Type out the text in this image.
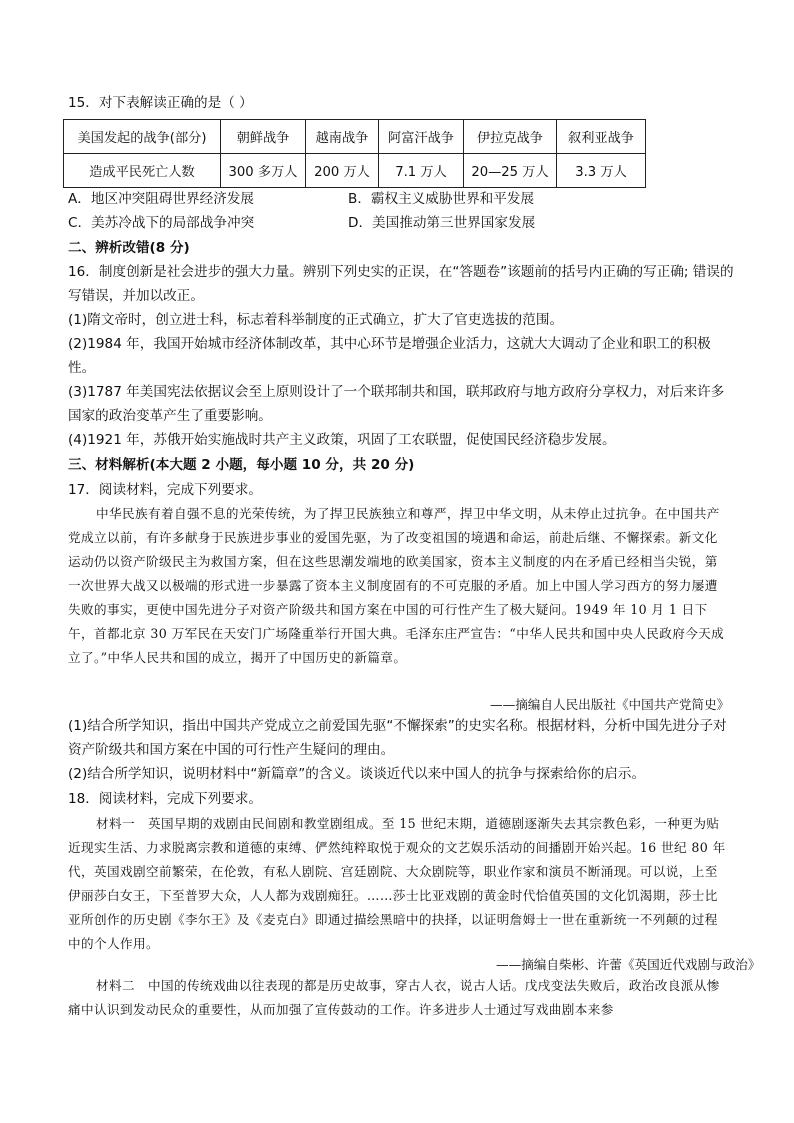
15．对下表解读正确的是（ ）
美国发起的战争(部分)	朝鲜战争	越南战争	阿富汗战争	伊拉克战争	叙利亚战争
造成平民死亡人数	300 多万人	200 万人	7.1 万人	20—25 万人	3.3 万人
A．地区冲突阻碍世界经济发展	B．霸权主义威胁世界和平发展
C．美苏冷战下的局部战争冲突	D．美国推动第三世界国家发展
二、辨析改错(8 分)
16．制度创新是社会进步的强大力量。辨别下列史实的正误，在“答题卷”该题前的括号内正确的写正确; 错误的写错误，并加以改正。
(1)隋文帝时，创立进士科，标志着科举制度的正式确立，扩大了官吏选拔的范围。
(2)1984 年，我国开始城市经济体制改革，其中心环节是增强企业活力，这就大大调动了企业和职工的积极性。
(3)1787 年美国宪法依据议会至上原则设计了一个联邦制共和国，联邦政府与地方政府分享权力，对后来许多国家的政治变革产生了重要影响。
(4)1921 年，苏俄开始实施战时共产主义政策，巩固了工农联盟，促使国民经济稳步发展。
三、材料解析(本大题 2 小题，每小题 10 分，共 20 分)
17．阅读材料，完成下列要求。
中华民族有着自强不息的光荣传统，为了捍卫民族独立和尊严，捍卫中华文明，从未停止过抗争。在中国共产党成立以前，有许多献身于民族进步事业的爱国先驱，为了改变祖国的境遇和命运，前赴后继、不懈探索。新文化运动仍以资产阶级民主为救国方案，但在这些思潮发端地的欧美国家，资本主义制度的内在矛盾已经相当尖锐，第一次世界大战又以极端的形式进一步暴露了资本主义制度固有的不可克服的矛盾。加上中国人学习西方的努力屡遭失败的事实，更使中国先进分子对资产阶级共和国方案在中国的可行性产生了极大疑问。1949 年 10 月 1 日下午，首都北京 30 万军民在天安门广场隆重举行开国大典。毛泽东庄严宣告：“中华人民共和国中央人民政府今天成立了。”中华人民共和国的成立，揭开了中国历史的新篇章。
——摘编自人民出版社《中国共产党简史》
(1)结合所学知识，指出中国共产党成立之前爱国先驱“不懈探索”的史实名称。根据材料，分析中国先进分子对资产阶级共和国方案在中国的可行性产生疑问的理由。
(2)结合所学知识，说明材料中“新篇章”的含义。谈谈近代以来中国人的抗争与探索给你的启示。
18．阅读材料，完成下列要求。
材料一　英国早期的戏剧由民间剧和教堂剧组成。至 15 世纪末期，道德剧逐渐失去其宗教色彩，一种更为贴近现实生活、力求脱离宗教和道德的束缚、俨然纯粹取悦于观众的文艺娱乐活动的间播剧开始兴起。16 世纪 80 年代，英国戏剧空前繁荣，在伦敦，有私人剧院、宫廷剧院、大众剧院等，职业作家和演员不断涌现。可以说，上至伊丽莎白女王，下至普罗大众，人人都为戏剧痴狂。……莎士比亚戏剧的黄金时代恰值英国的文化饥渴期，莎士比亚所创作的历史剧《李尔王》及《麦克白》即通过描绘黑暗中的抉择，以证明詹姆士一世在重新统一不列颠的过程中的个人作用。
——摘编自柴彬、许蕾《英国近代戏剧与政治》
材料二　中国的传统戏曲以往表现的都是历史故事，穿古人衣，说古人话。戊戌变法失败后，政治改良派从惨痛中认识到发动民众的重要性，从而加强了宣传鼓动的工作。许多进步人士通过写戏曲剧本来参
